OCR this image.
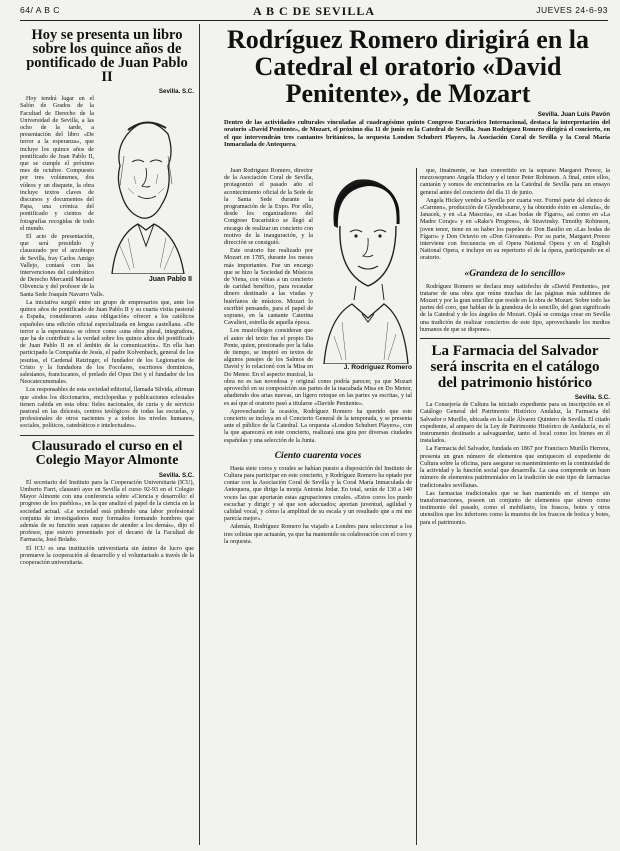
64/ A B C	A B C DE SEVILLA	JUEVES 24-6-93
Hoy se presenta un libro sobre los quince años de pontificado de Juan Pablo II
Sevilla. S.C.
Juan Pablo II

Hoy tendrá lugar en el Salón de Grados de la Facultad de Derecho de la Universidad de Sevilla, a las ocho de la tarde, a presentación del libro «De terror a la esperanza», que incluye los quince años de pontificado de Juan Pablo II, que se cumple el próximo mes de octubre. Compuesto por tres volúmenes, dos vídeos y un disquete, la obra incluye textos claves de discursos y documentos del Papa, una crónica del pontificado y cientos de fotografías recogidas de todo el mundo.

El acto de presentación, que será presidido y clausurado por el arzobispo de Sevilla, fray Carlos Amigo Vallejo, contará con las intervenciones del catedrático de Derecho Mercantil Manuel Olivencia y del profesor de la Santa Sede Joaquín Navarro Valls.

La iniciativa surgió entre un grupo de empresarios que, ante los quince años de pontificado de Juan Pablo II y su cuarta visita pastoral a España, consideraron «una obligación» ofrecer a los católicos españoles una edición oficial especializada en lengua castellana. «De terror a la esperanza» se ofrece como «una obra plural, integradora, que ha de contribuir a la verdad sobre los quince años del pontificado de Juan Pablo II en el ámbito de la comunicación». En ella han participado la Compañía de Jesús, el padre Kolvenbach, general de los jesuitas, el Cardenal Ratzinger, el fundador de los Legionarios de Cristo y la fundadora de los Focolares, escritores dominicos, salesianos, franciscanos, el prelado del Opus Dei y el fundador de los Neocatecumenales.

Los responsables de esta sociedad editorial, llamada Silvida, afirman que «todos los diccionarios, enciclopedias y publicaciones eclesiales tienen cabida en esta obra: fieles nacionales, de curia y de servicio pastoral en las diócesis, centros teológicos de todas las escuelas, y profesionales de otros nacientes y a todos los niveles humanos, sociales, políticos, catedráticos e intelectuales».

Clausurado el curso en el Colegio Mayor Almonte
Sevilla. S.C.

El secretario del Instituto para la Cooperación Universitaria (ICU), Umberto Farri, clausuró ayer en Sevilla el curso 92-93 en el Colegio Mayor Almonte con una conferencia sobre «Ciencia y desarrollo: el progreso de los pueblos», en la que analizó el papel de la ciencia en la sociedad actual. «Le sociedad está pidiendo una labor profesional conjunta de investigadores muy formados formando hombres que además de su función sean capaces de atender a los demás», dijo el profesor, que estuvo presentado por el decano de la Facultad de Farmacia, Josó Bolaño.

El ICU es una institución universitaria sin ánimo de lucro que promueve la cooperación al desarrollo y el voluntariado a través de la cooperación universitaria.

Rodríguez Romero dirigirá en la Catedral el oratorio «David Penitente», de Mozart
Sevilla. Juan Luis Pavón
Dentro de las actividades culturales vinculadas al cuadragésimo quinto Congreso Eucarístico Internacional, destaca la interpretación del oratorio «David Penitente», de Mozart, el próximo día 11 de junio en la Catedral de Sevilla. Juan Rodríguez Romero dirigirá el concierto, en el que intervendrán tres cantantes británicos, la orquesta London Schubert Players, la Asociación Coral de Sevilla y la Coral María Inmaculada de Antequera.
J. Rodríguez Romero

Juan Rodríguez Romero, director de la Asociación Coral de Sevilla, protagonizó el pasado año el acontecimiento oficial de la Sede de la Santa Sede durante la programación de la Expo. Por ello, desde los organizadores del Congreso Eucarístico se llegó al encargo de realizar un concierto con motivo de la inauguración, y la dirección se consiguió.

Este oratorio fue realizado por Mozart en 1785, durante los meses más importantes. Fue un encargo que se hizo la Sociedad de Músicos de Viena, con vistas a un concierto de caridad benéfico, para recaudar dinero destinado a las viudas y huérfanos de músicos. Mozart lo escribió pensando, para el papel de soprano, en la cantante Caterina Cavalieri, estrella de aquella época.

Los musicólogos consideran que el autor del texto fue el propio Da Ponte, quien, presionado por la falta de tiempo, se inspiró en textos de algunos pasajes de los Salmos de David y lo relacionó con la Misa en Do Menor. En el aspecto musical, la obra no es tan novedosa y original como podría parecer, ya que Mozart aprovechó en su composición sus partes de la inacabada Misa en Do Menor, añadiendo dos arias nuevas, un ligero retoque en las partes ya escritas, y tal es así que el oratorio pasó a titularse «Davide Penitente».

Aprovechando la ocasión, Rodríguez Romero ha querido que este concierto se incluya en el Concierto General de la temporada, y se presenta ante el público de la Catedral. La orquesta «London Schubert Players», con la que aparecerá en este concierto, realizará una gira por diversas ciudades españolas y una selección de la Junta.

Ciento cuarenta voces

Hasta siete coros y corales se habían puesto a disposición del Instituto de Cultura para participar en este concierto, y Rodríguez Romero ha optado por contar con la Asociación Coral de Sevilla y la Coral María Inmaculada de Antequera, que dirige la monja Antonia Jodar. En total, serán de 130 a 140 voces las que aportarán estas agrupaciones corales. «Estos coros los puedo escuchar y dirigir y sé que son adecuados; aportan juventud, agilidad y calidad vocal, y cómo la amplitud de su escala y un resultado que a mí me parecía mejor».

Además, Rodríguez Romero ha viajado a Londres para seleccionar a los tres solistas que actuarán, ya que ha mantenido su colaboración con el coro y la orquesta.

que, finalmente, se han convertido en la soprano Margaret Preece, la mezzosoprano Angela Hickey y el tenor Peter Robinson. A final, entre ellos, cantarán y somos de encontrarlos en la Catedral de Sevilla para un ensayo general antes del concierto del día 11 de junio.

Angela Hickey vendrá a Sevilla por cuarta vez. Formó parte del elenco de «Carmen», producción de Glyndebourne, y ha obtenido éxito en «Jenufa», de Janacek, y en «La Mascota», en «Las bodas de Fígaro», así como en «La Madre Coraje» y en «Rake's Progress», de Stravinsky. Timothy Robinson, joven tenor, tiene en su haber los papeles de Don Basilio en «Las bodas de Fígaro» y Don Octavio en «Don Giovanni». Por su parte, Margaret Preece interviene con frecuencia en el Opera National Opera y en el English National Opera, e incluye en su repertorio el de la ópera, participando en el oratorio.

«Grandeza de lo sencillo»

Rodríguez Romero se declara muy satisfecho de «David Penitente», por tratarse de una obra que reúne muchas de las páginas más sublimes de Mozart y por la gran sencillez que reside en la obra de Mozart. Sobre todo las partes del coro, que hablan de la grandeza de lo sencillo, del gran significado de la Catedral y de los ángeles de Mozart. Ojalá se consiga crear en Sevilla una tradición de realizar conciertos de este tipo, aprovechando los medios humanos de que se dispone».

La Farmacia del Salvador será inscrita en el catálogo del patrimonio histórico
Sevilla. S.C.

La Consejería de Cultura ha iniciado expediente para su inscripción en el Catálogo General del Patrimonio Histórico Andaluz, la Farmacia del Salvador o Murillo, ubicada en la calle Álvarez Quintero de Sevilla. El citado expediente, al amparo de la Ley de Patrimonio Histórico de Andalucía, es el instrumento destinado a salvaguardar, tanto el local como los bienes en él instalados.

La Farmacia del Salvador, fundada en 1867 por Francisco Murillo Herrera, presenta un gran número de elementos que enriquecen el expediente de Cultura sobre la oficina, para asegurar su mantenimiento en la continuidad de la actividad y la función social que desarrolla. La casa comprende un buen número de elementos patrimoniales en la tradición de este tipo de farmacias tradicionales sevillanas.

Las farmacias tradicionales que se han mantenido en el tiempo sin transformaciones, poseen un conjunto de elementos que sirven como testimonio del pasado, como el mobiliario, los frascos, botes y otros utensilios que los inferiores como la muestra de los frascos de botica y botes, para el patrimonio.
